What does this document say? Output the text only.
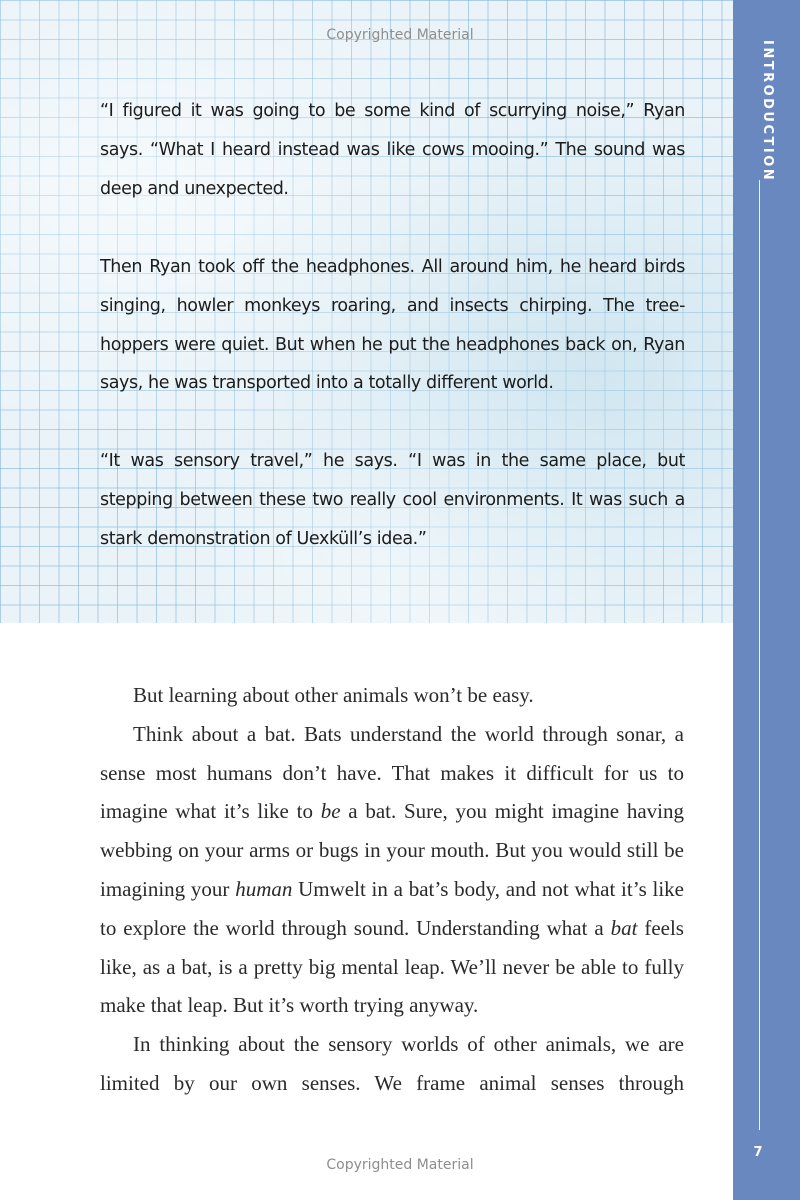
Copyrighted Material

“I figured it was going to be some kind of scurrying noise,” Ryan says. “What I heard instead was like cows mooing.” The sound was deep and unexpected.

Then Ryan took off the headphones. All around him, he heard birds singing, howler monkeys roaring, and insects chirping. The tree-hoppers were quiet. But when he put the headphones back on, Ryan says, he was transported into a totally different world.

“It was sensory travel,” he says. “I was in the same place, but stepping between these two really cool environments. It was such a stark demonstration of Uexküll’s idea.”

But learning about other animals won’t be easy.

Think about a bat. Bats understand the world through sonar, a sense most humans don’t have. That makes it difficult for us to imagine what it’s like to be a bat. Sure, you might imagine having webbing on your arms or bugs in your mouth. But you would still be imagining your human Umwelt in a bat’s body, and not what it’s like to explore the world through sound. Understanding what a bat feels like, as a bat, is a pretty big mental leap. We’ll never be able to fully make that leap. But it’s worth trying anyway.

In thinking about the sensory worlds of other animals, we are limited by our own senses. We frame animal senses through

INTRODUCTION
7
Copyrighted Material
